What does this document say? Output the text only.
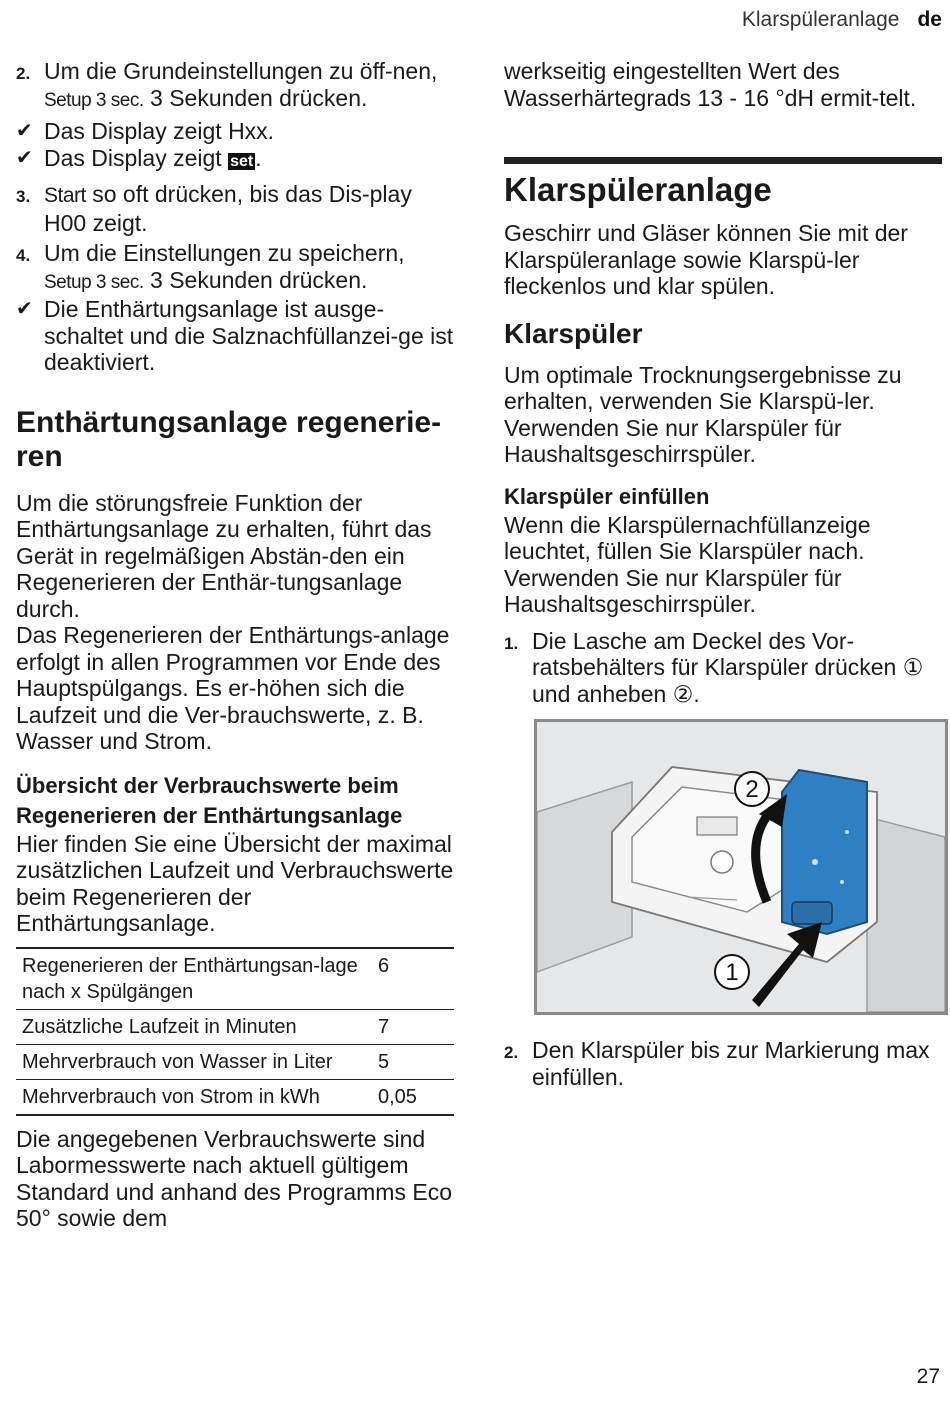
Klarspüleranlage de
2. Um die Grundeinstellungen zu öff-nen, Setup 3 sec. 3 Sekunden drücken.
✔ Das Display zeigt Hxx.
✔ Das Display zeigt set.
3. Start so oft drücken, bis das Dis-play H00 zeigt.
4. Um die Einstellungen zu speichern, Setup 3 sec. 3 Sekunden drücken.
✔ Die Enthärtungsanlage ist ausge-schaltet und die Salznachfüllanzei-ge ist deaktiviert.
Enthärtungsanlage regenerie-ren

Um die störungsfreie Funktion der Enthärtungsanlage zu erhalten, führt das Gerät in regelmäßigen Abstän-den ein Regenerieren der Enthär-tungsanlage durch.

Das Regenerieren der Enthärtungs-anlage erfolgt in allen Programmen vor Ende des Hauptspülgangs. Es er-höhen sich die Laufzeit und die Ver-brauchswerte, z. B. Wasser und Strom.

Übersicht der Verbrauchswerte beim Regenerieren der Enthärtungsanlage

Hier finden Sie eine Übersicht der maximal zusätzlichen Laufzeit und Verbrauchswerte beim Regenerieren der Enthärtungsanlage.

Regenerieren der Enthärtungsan-lage nach x Spülgängen	6
Zusätzliche Laufzeit in Minuten	7
Mehrverbrauch von Wasser in Liter	5
Mehrverbrauch von Strom in kWh	0,05

Die angegebenen Verbrauchswerte sind Labormesswerte nach aktuell gültigem Standard und anhand des Programms Eco 50° sowie dem

werkseitig eingestellten Wert des Wasserhärtegrads 13 - 16 °dH ermit-telt.

Klarspüleranlage

Geschirr und Gläser können Sie mit der Klarspüleranlage sowie Klarspü-ler fleckenlos und klar spülen.

Klarspüler

Um optimale Trocknungsergebnisse zu erhalten, verwenden Sie Klarspü-ler.

Verwenden Sie nur Klarspüler für Haushaltsgeschirrspüler.

Klarspüler einfüllen

Wenn die Klarspülernachfüllanzeige leuchtet, füllen Sie Klarspüler nach.

Verwenden Sie nur Klarspüler für Haushaltsgeschirrspüler.

1. Die Lasche am Deckel des Vor-ratsbehälters für Klarspüler drücken ① und anheben ②.
2
1
2. Den Klarspüler bis zur Markierung max einfüllen.
27
